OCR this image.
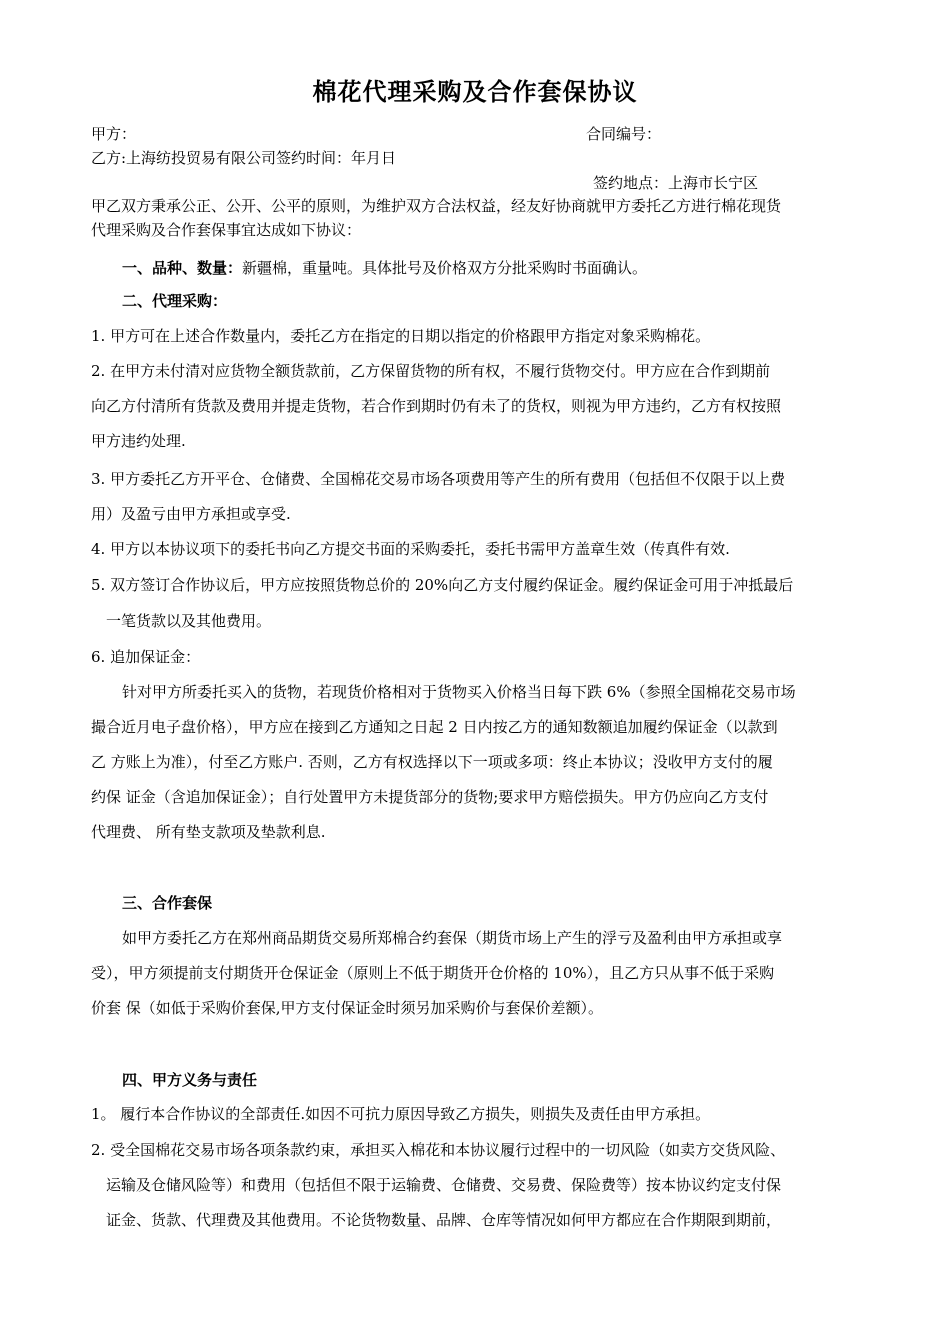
棉花代理采购及合作套保协议
甲方：	合同编号：
乙方:上海纺投贸易有限公司签约时间：年月日
签约地点：上海市长宁区
甲乙双方秉承公正、公开、公平的原则，为维护双方合法权益，经友好协商就甲方委托乙方进行棉花现货
代理采购及合作套保事宜达成如下协议：
一、品种、数量：新疆棉，重量吨。具体批号及价格双方分批采购时书面确认。
二、代理采购：
1. 甲方可在上述合作数量内，委托乙方在指定的日期以指定的价格跟甲方指定对象采购棉花。
2. 在甲方未付清对应货物全额货款前，乙方保留货物的所有权，不履行货物交付。甲方应在合作到期前
向乙方付清所有货款及费用并提走货物，若合作到期时仍有未了的货权，则视为甲方违约，乙方有权按照
甲方违约处理.
3. 甲方委托乙方开平仓、仓储费、全国棉花交易市场各项费用等产生的所有费用（包括但不仅限于以上费
用）及盈亏由甲方承担或享受.
4. 甲方以本协议项下的委托书向乙方提交书面的采购委托，委托书需甲方盖章生效（传真件有效.
5. 双方签订合作协议后，甲方应按照货物总价的 20%向乙方支付履约保证金。履约保证金可用于冲抵最后
一笔货款以及其他费用。
6. 追加保证金：
针对甲方所委托买入的货物，若现货价格相对于货物买入价格当日每下跌 6%（参照全国棉花交易市场
撮合近月电子盘价格），甲方应在接到乙方通知之日起 2 日内按乙方的通知数额追加履约保证金（以款到
乙 方账上为准），付至乙方账户. 否则，乙方有权选择以下一项或多项：终止本协议；没收甲方支付的履
约保 证金（含追加保证金）；自行处置甲方未提货部分的货物;要求甲方赔偿损失。甲方仍应向乙方支付
代理费、 所有垫支款项及垫款利息.
三、合作套保
如甲方委托乙方在郑州商品期货交易所郑棉合约套保（期货市场上产生的浮亏及盈利由甲方承担或享
受），甲方须提前支付期货开仓保证金（原则上不低于期货开仓价格的 10%），且乙方只从事不低于采购
价套 保（如低于采购价套保,甲方支付保证金时须另加采购价与套保价差额）。
四、甲方义务与责任
1。 履行本合作协议的全部责任.如因不可抗力原因导致乙方损失，则损失及责任由甲方承担。
2. 受全国棉花交易市场各项条款约束，承担买入棉花和本协议履行过程中的一切风险（如卖方交货风险、
运输及仓储风险等）和费用（包括但不限于运输费、仓储费、交易费、保险费等）按本协议约定支付保
证金、货款、代理费及其他费用。不论货物数量、品牌、仓库等情况如何甲方都应在合作期限到期前，
